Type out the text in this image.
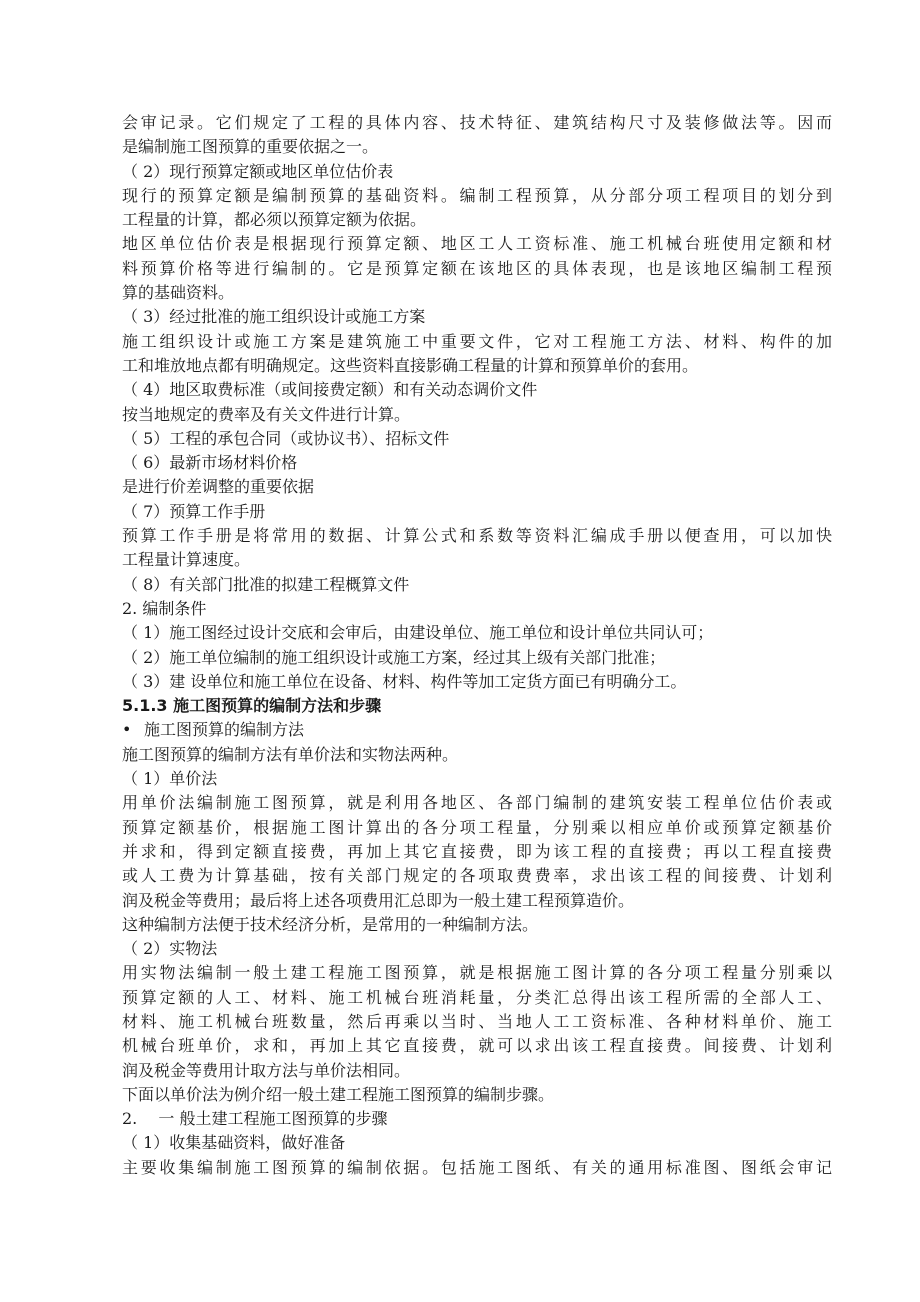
会审记录。它们规定了工程的具体内容、技术特征、建筑结构尺寸及装修做法等。因而
是编制施工图预算的重要依据之一。
（ 2）现行预算定额或地区单位估价表
现行的预算定额是编制预算的基础资料。编制工程预算，从分部分项工程项目的划分到
工程量的计算，都必须以预算定额为依据。
地区单位估价表是根据现行预算定额、地区工人工资标准、施工机械台班使用定额和材
料预算价格等进行编制的。它是预算定额在该地区的具体表现，也是该地区编制工程预
算的基础资料。
（ 3）经过批准的施工组织设计或施工方案
施工组织设计或施工方案是建筑施工中重要文件，它对工程施工方法、材料、构件的加
工和堆放地点都有明确规定。这些资料直接影确工程量的计算和预算单价的套用。
（ 4）地区取费标准（或间接费定额）和有关动态调价文件
按当地规定的费率及有关文件进行计算。
（ 5）工程的承包合同（或协议书）、招标文件
（ 6）最新市场材料价格
是进行价差调整的重要依据
（ 7）预算工作手册
预算工作手册是将常用的数据、计算公式和系数等资料汇编成手册以便查用，可以加快
工程量计算速度。
（ 8）有关部门批准的拟建工程概算文件
2. 编制条件
（ 1）施工图经过设计交底和会审后，由建设单位、施工单位和设计单位共同认可；
（ 2）施工单位编制的施工组织设计或施工方案，经过其上级有关部门批准；
（ 3）建 设单位和施工单位在设备、材料、构件等加工定货方面已有明确分工。
5.1.3 施工图预算的编制方法和步骤
• 施工图预算的编制方法
施工图预算的编制方法有单价法和实物法两种。
（ 1）单价法
用单价法编制施工图预算，就是利用各地区、各部门编制的建筑安装工程单位估价表或
预算定额基价，根据施工图计算出的各分项工程量，分别乘以相应单价或预算定额基价
并求和，得到定额直接费，再加上其它直接费，即为该工程的直接费；再以工程直接费
或人工费为计算基础，按有关部门规定的各项取费费率，求出该工程的间接费、计划利
润及税金等费用；最后将上述各项费用汇总即为一般土建工程预算造价。
这种编制方法便于技术经济分析，是常用的一种编制方法。
（ 2）实物法
用实物法编制一般土建工程施工图预算，就是根据施工图计算的各分项工程量分别乘以
预算定额的人工、材料、施工机械台班消耗量，分类汇总得出该工程所需的全部人工、
材料、施工机械台班数量，然后再乘以当时、当地人工工资标准、各种材料单价、施工
机械台班单价，求和，再加上其它直接费，就可以求出该工程直接费。间接费、计划利
润及税金等费用计取方法与单价法相同。
下面以单价法为例介绍一般土建工程施工图预算的编制步骤。
2.　 一 般土建工程施工图预算的步骤
（ 1）收集基础资料，做好准备
主要收集编制施工图预算的编制依据。包括施工图纸、有关的通用标准图、图纸会审记
